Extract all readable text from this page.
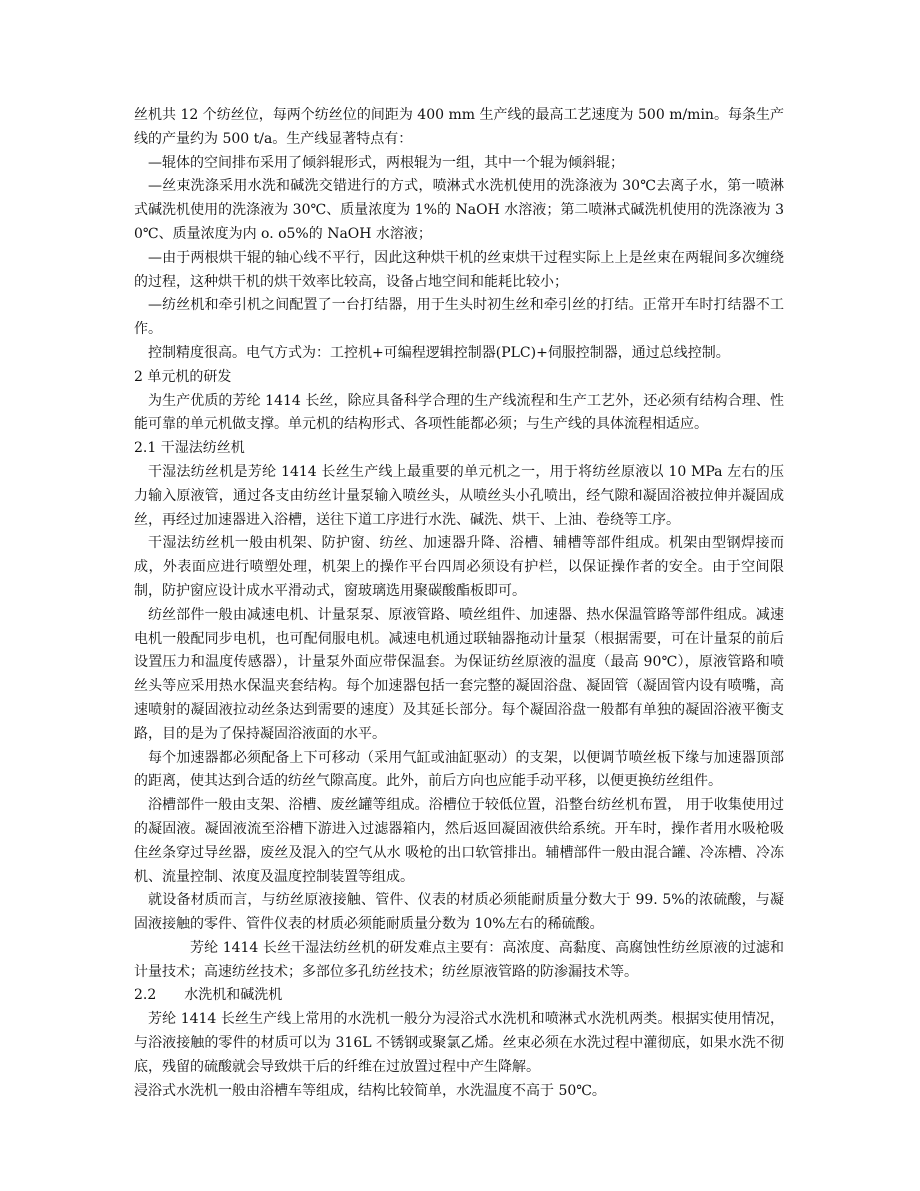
丝机共 12 个纺丝位，每两个纺丝位的间距为 400 mm 生产线的最高工艺速度为 500 m/min。每条生产线的产量约为 500 t/a。生产线显著特点有：

—辊体的空间排布采用了倾斜辊形式，两根辊为一组，其中一个辊为倾斜辊；

—丝束洗涤采用水洗和碱洗交错进行的方式，喷淋式水洗机使用的洗涤液为 30℃去离子水，第一喷淋式碱洗机使用的洗涤液为 30℃、质量浓度为 1%的 NaOH 水溶液；第二喷淋式碱洗机使用的洗涤液为 30℃、质量浓度为内 o. o5%的 NaOH 水溶液；

—由于两根烘干辊的轴心线不平行，因此这种烘干机的丝束烘干过程实际上上是丝束在两辊间多次缠绕的过程，这种烘干机的烘干效率比较高，设备占地空间和能耗比较小；

—纺丝机和牵引机之间配置了一台打结器，用于生头时初生丝和牵引丝的打结。正常开车时打结器不工作。

控制精度很高。电气方式为：工控机+可编程逻辑控制器(PLC)+伺服控制器，通过总线控制。

2 单元机的研发

为生产优质的芳纶 1414 长丝，除应具备科学合理的生产线流程和生产工艺外，还必须有结构合理、性能可靠的单元机做支撑。单元机的结构形式、各项性能都必须；与生产线的具体流程相适应。

2.1 干湿法纺丝机

干湿法纺丝机是芳纶 1414 长丝生产线上最重要的单元机之一，用于将纺丝原液以 10 MPa 左右的压力输入原液管，通过各支由纺丝计量泵输入喷丝头，从喷丝头小孔喷出，经气隙和凝固浴被拉伸并凝固成丝，再经过加速器进入浴槽，送往下道工序进行水洗、碱洗、烘干、上油、卷绕等工序。

干湿法纺丝机一般由机架、防护窗、纺丝、加速器升降、浴槽、辅槽等部件组成。机架由型钢焊接而成，外表面应进行喷塑处理，机架上的操作平台四周必须设有护栏，以保证操作者的安全。由于空间限制，防护窗应设计成水平滑动式，窗玻璃选用聚碳酸酯板即可。

纺丝部件一般由减速电机、计量泵泵、原液管路、喷丝组件、加速器、热水保温管路等部件组成。减速电机一般配同步电机，也可配伺服电机。减速电机通过联轴器拖动计量泵（根据需要，可在计量泵的前后设置压力和温度传感器），计量泵外面应带保温套。为保证纺丝原液的温度（最高 90℃），原液管路和喷丝头等应采用热水保温夹套结构。每个加速器包括一套完整的凝固浴盘、凝固管（凝固管内设有喷嘴，高速喷射的凝固液拉动丝条达到需要的速度）及其延长部分。每个凝固浴盘一般都有单独的凝固浴液平衡支路，目的是为了保持凝固浴液面的水平。

每个加速器都必须配备上下可移动（采用气缸或油缸驱动）的支架，以便调节喷丝板下缘与加速器顶部的距离，使其达到合适的纺丝气隙高度。此外，前后方向也应能手动平移，以便更换纺丝组件。

浴槽部件一般由支架、浴槽、废丝罐等组成。浴槽位于较低位置，沿整台纺丝机布置， 用于收集使用过的凝固液。凝固液流至浴槽下游进入过滤器箱内，然后返回凝固液供给系统。开车时，操作者用水吸枪吸住丝条穿过导丝器，废丝及混入的空气从水 吸枪的出口软管排出。辅槽部件一般由混合罐、冷冻槽、冷冻机、流量控制、浓度及温度控制装置等组成。

就设备材质而言，与纺丝原液接触、管件、仪表的材质必须能耐质量分数大于 99. 5%的浓硫酸，与凝固液接触的零件、管件仪表的材质必须能耐质量分数为 10%左右的稀硫酸。

芳纶 1414 长丝干湿法纺丝机的研发难点主要有：高浓度、高黏度、高腐蚀性纺丝原液的过滤和计量技术；高速纺丝技术；多部位多孔纺丝技术；纺丝原液管路的防渗漏技术等。

2.2　　水洗机和碱洗机

芳纶 1414 长丝生产线上常用的水洗机一般分为浸浴式水洗机和喷淋式水洗机两类。根据实使用情况，与浴液接触的零件的材质可以为 316L 不锈钢或聚氯乙烯。丝束必须在水洗过程中灌彻底，如果水洗不彻底，残留的硫酸就会导致烘干后的纤维在过放置过程中产生降解。

浸浴式水洗机一般由浴槽车等组成，结构比较简单，水洗温度不高于 50℃。
